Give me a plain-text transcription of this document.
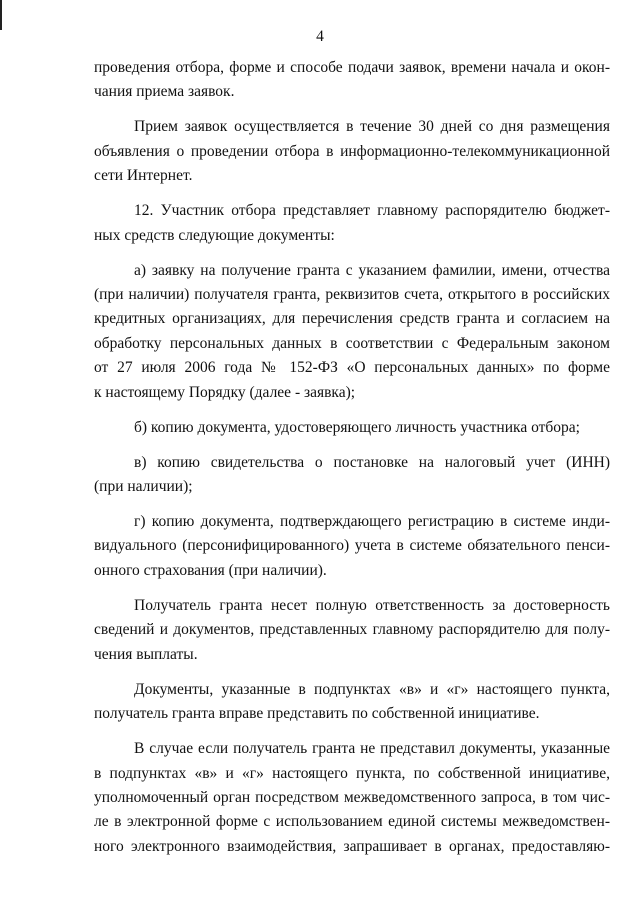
4
проведения отбора, форме и способе подачи заявок, времени начала и окон-
чания приема заявок.
Прием заявок осуществляется в течение 30 дней со дня размещения
объявления о проведении отбора в информационно-телекоммуникационной
сети Интернет.
12. Участник отбора представляет главному распорядителю бюджет-
ных средств следующие документы:
а) заявку на получение гранта с указанием фамилии, имени, отчества
(при наличии) получателя гранта, реквизитов счета, открытого в российских
кредитных организациях, для перечисления средств гранта и согласием на
обработку персональных данных в соответствии с Федеральным законом
от 27 июля 2006 года № 152-ФЗ «О персональных данных» по форме
к настоящему Порядку (далее - заявка);
б) копию документа, удостоверяющего личность участника отбора;
в) копию свидетельства о постановке на налоговый учет (ИНН)
(при наличии);
г) копию документа, подтверждающего регистрацию в системе инди-
видуального (персонифицированного) учета в системе обязательного пенси-
онного страхования (при наличии).
Получатель гранта несет полную ответственность за достоверность
сведений и документов, представленных главному распорядителю для полу-
чения выплаты.
Документы, указанные в подпунктах «в» и «г» настоящего пункта,
получатель гранта вправе представить по собственной инициативе.
В случае если получатель гранта не представил документы, указанные
в подпунктах «в» и «г» настоящего пункта, по собственной инициативе,
уполномоченный орган посредством межведомственного запроса, в том чис-
ле в электронной форме с использованием единой системы межведомствен-
ного электронного взаимодействия, запрашивает в органах, предоставляю-
